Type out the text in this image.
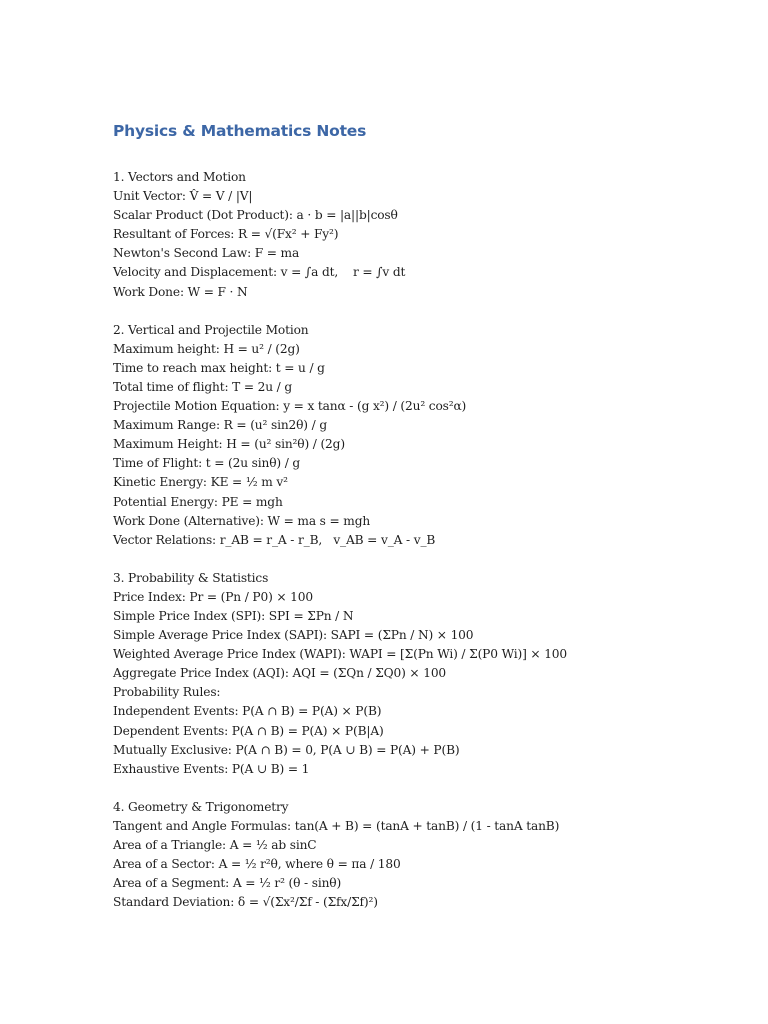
Physics & Mathematics Notes
1. Vectors and Motion
Unit Vector: V̂ = V / |V|
Scalar Product (Dot Product): a · b = |a||b|cosθ
Resultant of Forces: R = √(Fx² + Fy²)
Newton's Second Law: F = ma
Velocity and Displacement: v = ∫a dt,    r = ∫v dt
Work Done: W = F · N
2. Vertical and Projectile Motion
Maximum height: H = u² / (2g)
Time to reach max height: t = u / g
Total time of flight: T = 2u / g
Projectile Motion Equation: y = x tanα - (g x²) / (2u² cos²α)
Maximum Range: R = (u² sin2θ) / g
Maximum Height: H = (u² sin²θ) / (2g)
Time of Flight: t = (2u sinθ) / g
Kinetic Energy: KE = ½ m v²
Potential Energy: PE = mgh
Work Done (Alternative): W = ma s = mgh
Vector Relations: r_AB = r_A - r_B,   v_AB = v_A - v_B
3. Probability & Statistics
Price Index: Pr = (Pn / P0) × 100
Simple Price Index (SPI): SPI = ΣPn / N
Simple Average Price Index (SAPI): SAPI = (ΣPn / N) × 100
Weighted Average Price Index (WAPI): WAPI = [Σ(Pn Wi) / Σ(P0 Wi)] × 100
Aggregate Price Index (AQI): AQI = (ΣQn / ΣQ0) × 100
Probability Rules:
Independent Events: P(A ∩ B) = P(A) × P(B)
Dependent Events: P(A ∩ B) = P(A) × P(B|A)
Mutually Exclusive: P(A ∩ B) = 0, P(A ∪ B) = P(A) + P(B)
Exhaustive Events: P(A ∪ B) = 1
4. Geometry & Trigonometry
Tangent and Angle Formulas: tan(A + B) = (tanA + tanB) / (1 - tanA tanB)
Area of a Triangle: A = ½ ab sinC
Area of a Sector: A = ½ r²θ, where θ = πa / 180
Area of a Segment: A = ½ r² (θ - sinθ)
Standard Deviation: δ = √(Σx²/Σf - (Σfx/Σf)²)
